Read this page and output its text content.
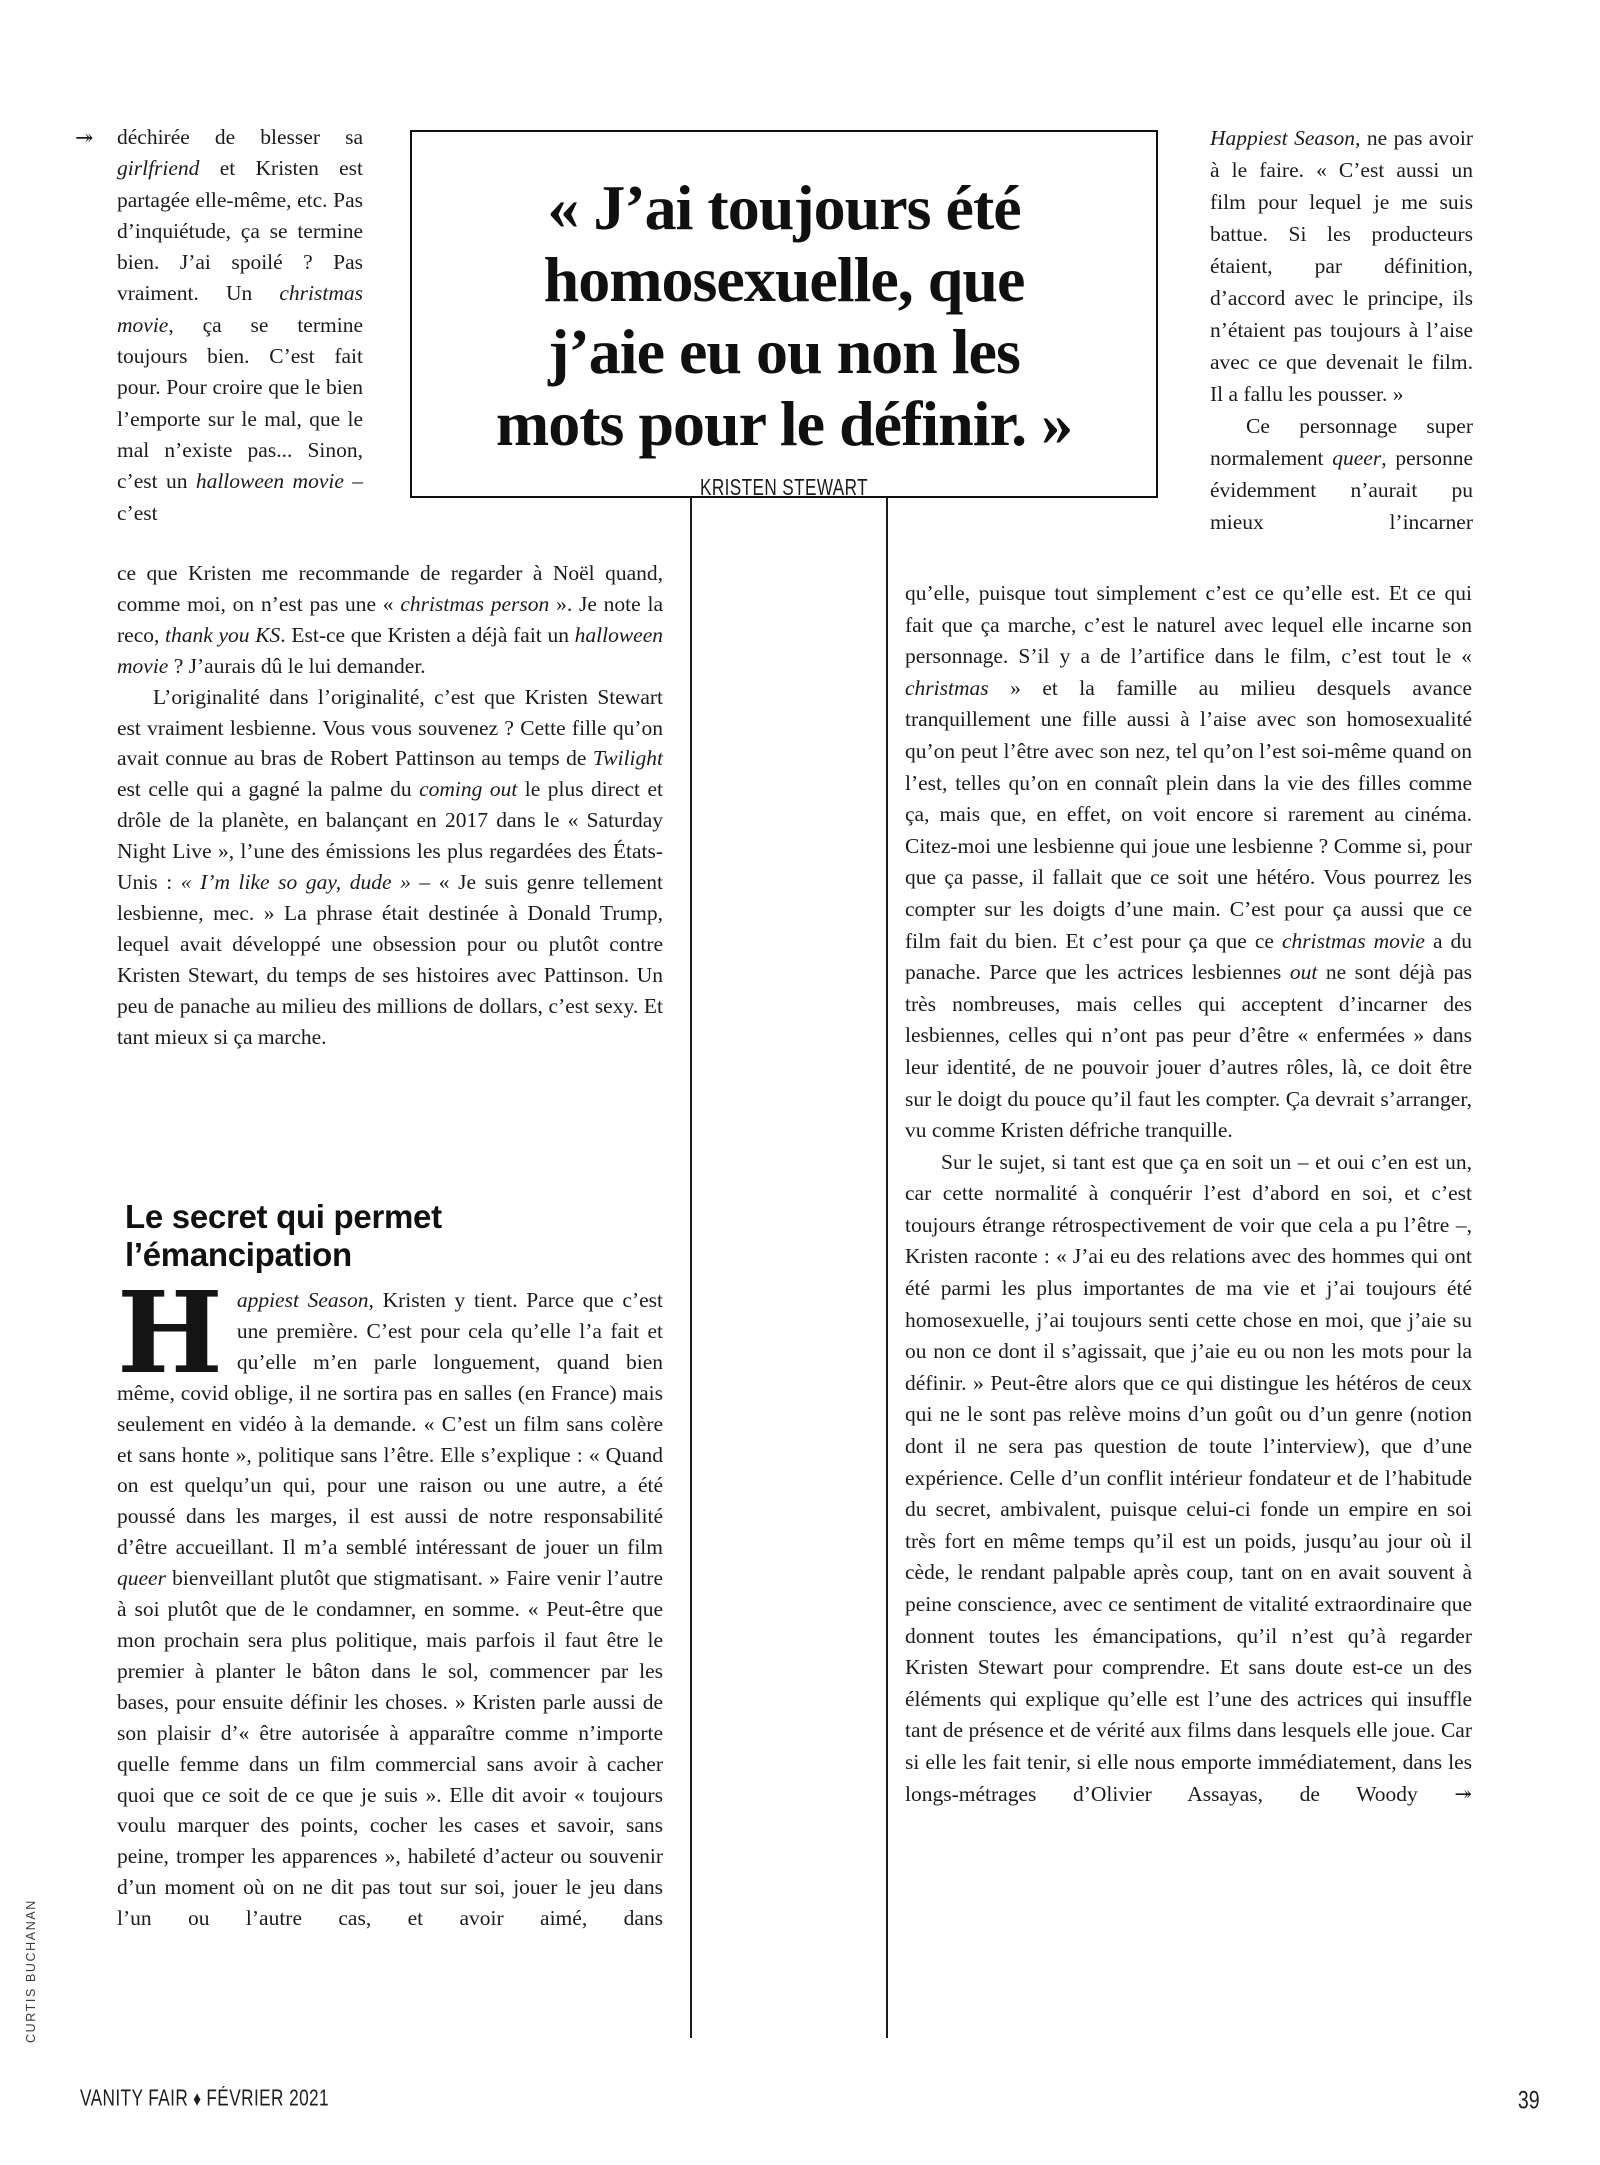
↠ déchirée de blesser sa girlfriend et Kristen est partagée elle-même, etc. Pas d’inquiétude, ça se termine bien. J’ai spoilé ? Pas vraiment. Un christmas movie, ça se termine toujours bien. C’est fait pour. Pour croire que le bien l’emporte sur le mal, que le mal n’existe pas... Sinon, c’est un halloween movie – c’est

« J’ai toujours été homosexuelle, que j’aie eu ou non les mots pour le définir. »
KRISTEN STEWART

Happiest Season, ne pas avoir à le faire. « C’est aussi un film pour lequel je me suis battue. Si les producteurs étaient, par définition, d’accord avec le principe, ils n’étaient pas toujours à l’aise avec ce que devenait le film. Il a fallu les pousser. »

Ce personnage super normalement queer, personne évidemment n’aurait pu mieux l’incarner

ce que Kristen me recommande de regarder à Noël quand, comme moi, on n’est pas une « christmas person ». Je note la reco, thank you KS. Est-ce que Kristen a déjà fait un halloween movie ? J’aurais dû le lui demander.

L’originalité dans l’originalité, c’est que Kristen Stewart est vraiment lesbienne. Vous vous souvenez ? Cette fille qu’on avait connue au bras de Robert Pattinson au temps de Twilight est celle qui a gagné la palme du coming out le plus direct et drôle de la planète, en balançant en 2017 dans le « Saturday Night Live », l’une des émissions les plus regardées des États-Unis : « I’m like so gay, dude » – « Je suis genre tellement lesbienne, mec. » La phrase était destinée à Donald Trump, lequel avait développé une obsession pour ou plutôt contre Kristen Stewart, du temps de ses histoires avec Pattinson. Un peu de panache au milieu des millions de dollars, c’est sexy. Et tant mieux si ça marche.

Le secret qui permet l’émancipation

Happiest Season, Kristen y tient. Parce que c’est une première. C’est pour cela qu’elle l’a fait et qu’elle m’en parle longuement, quand bien même, covid oblige, il ne sortira pas en salles (en France) mais seulement en vidéo à la demande. « C’est un film sans colère et sans honte », politique sans l’être. Elle s’explique : « Quand on est quelqu’un qui, pour une raison ou une autre, a été poussé dans les marges, il est aussi de notre responsabilité d’être accueillant. Il m’a semblé intéressant de jouer un film queer bienveillant plutôt que stigmatisant. » Faire venir l’autre à soi plutôt que de le condamner, en somme. « Peut-être que mon prochain sera plus politique, mais parfois il faut être le premier à planter le bâton dans le sol, commencer par les bases, pour ensuite définir les choses. » Kristen parle aussi de son plaisir d’« être autorisée à apparaître comme n’importe quelle femme dans un film commercial sans avoir à cacher quoi que ce soit de ce que je suis ». Elle dit avoir « toujours voulu marquer des points, cocher les cases et savoir, sans peine, tromper les apparences », habileté d’acteur ou souvenir d’un moment où on ne dit pas tout sur soi, jouer le jeu dans l’un ou l’autre cas, et avoir aimé, dans

qu’elle, puisque tout simplement c’est ce qu’elle est. Et ce qui fait que ça marche, c’est le naturel avec lequel elle incarne son personnage. S’il y a de l’artifice dans le film, c’est tout le « christmas » et la famille au milieu desquels avance tranquillement une fille aussi à l’aise avec son homosexualité qu’on peut l’être avec son nez, tel qu’on l’est soi-même quand on l’est, telles qu’on en connaît plein dans la vie des filles comme ça, mais que, en effet, on voit encore si rarement au cinéma. Citez-moi une lesbienne qui joue une lesbienne ? Comme si, pour que ça passe, il fallait que ce soit une hétéro. Vous pourrez les compter sur les doigts d’une main. C’est pour ça aussi que ce film fait du bien. Et c’est pour ça que ce christmas movie a du panache. Parce que les actrices lesbiennes out ne sont déjà pas très nombreuses, mais celles qui acceptent d’incarner des lesbiennes, celles qui n’ont pas peur d’être « enfermées » dans leur identité, de ne pouvoir jouer d’autres rôles, là, ce doit être sur le doigt du pouce qu’il faut les compter. Ça devrait s’arranger, vu comme Kristen défriche tranquille.

Sur le sujet, si tant est que ça en soit un – et oui c’en est un, car cette normalité à conquérir l’est d’abord en soi, et c’est toujours étrange rétrospectivement de voir que cela a pu l’être –, Kristen raconte : « J’ai eu des relations avec des hommes qui ont été parmi les plus importantes de ma vie et j’ai toujours été homosexuelle, j’ai toujours senti cette chose en moi, que j’aie su ou non ce dont il s’agissait, que j’aie eu ou non les mots pour la définir. » Peut-être alors que ce qui distingue les hétéros de ceux qui ne le sont pas relève moins d’un goût ou d’un genre (notion dont il ne sera pas question de toute l’interview), que d’une expérience. Celle d’un conflit intérieur fondateur et de l’habitude du secret, ambivalent, puisque celui-ci fonde un empire en soi très fort en même temps qu’il est un poids, jusqu’au jour où il cède, le rendant palpable après coup, tant on en avait souvent à peine conscience, avec ce sentiment de vitalité extraordinaire que donnent toutes les émancipations, qu’il n’est qu’à regarder Kristen Stewart pour comprendre. Et sans doute est-ce un des éléments qui explique qu’elle est l’une des actrices qui insuffle tant de présence et de vérité aux films dans lesquels elle joue. Car si elle les fait tenir, si elle nous emporte immédiatement, dans les longs-métrages d’Olivier Assayas, de Woody ↠

CURTIS BUCHANAN
VANITY FAIR ♦ FÉVRIER 2021	39
